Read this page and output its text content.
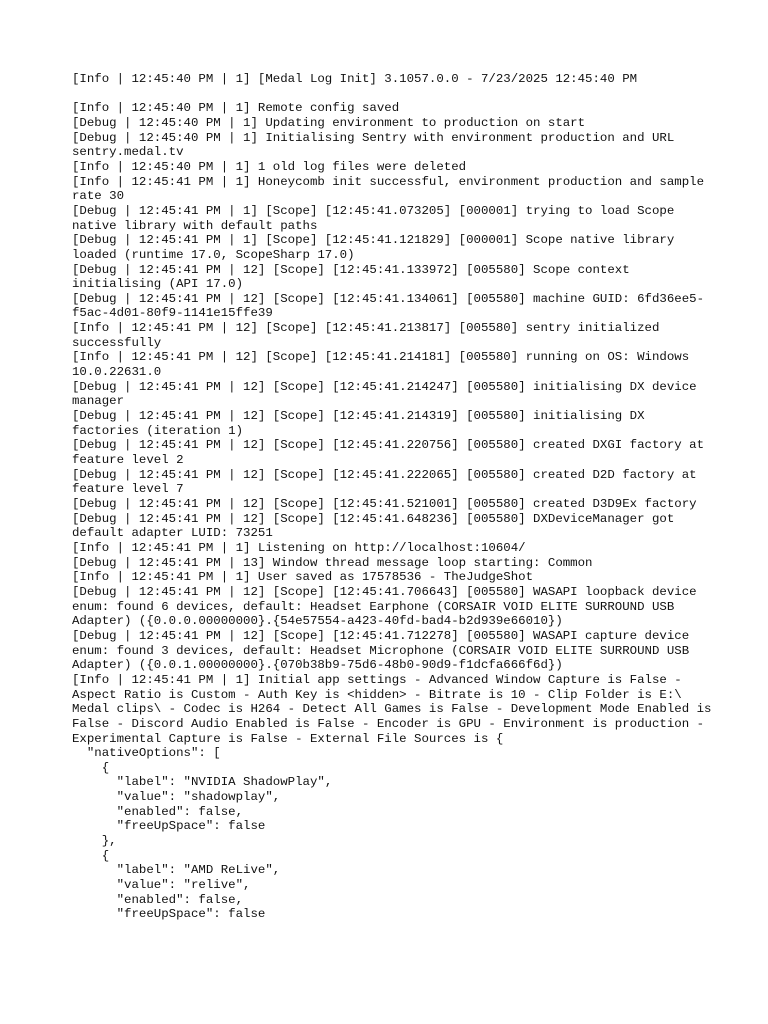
[Info | 12:45:40 PM | 1] [Medal Log Init] 3.1057.0.0 - 7/23/2025 12:45:40 PM
[Info | 12:45:40 PM | 1] Remote config saved
[Debug | 12:45:40 PM | 1] Updating environment to production on start
[Debug | 12:45:40 PM | 1] Initialising Sentry with environment production and URL sentry.medal.tv
[Info | 12:45:40 PM | 1] 1 old log files were deleted
[Info | 12:45:41 PM | 1] Honeycomb init successful, environment production and sample rate 30
[Debug | 12:45:41 PM | 1] [Scope] [12:45:41.073205] [000001] trying to load Scope native library with default paths
[Debug | 12:45:41 PM | 1] [Scope] [12:45:41.121829] [000001] Scope native library loaded (runtime 17.0, ScopeSharp 17.0)
[Debug | 12:45:41 PM | 12] [Scope] [12:45:41.133972] [005580] Scope context initialising (API 17.0)
[Debug | 12:45:41 PM | 12] [Scope] [12:45:41.134061] [005580] machine GUID: 6fd36ee5-f5ac-4d01-80f9-1141e15ffe39
[Info | 12:45:41 PM | 12] [Scope] [12:45:41.213817] [005580] sentry initialized successfully
[Info | 12:45:41 PM | 12] [Scope] [12:45:41.214181] [005580] running on OS: Windows 10.0.22631.0
[Debug | 12:45:41 PM | 12] [Scope] [12:45:41.214247] [005580] initialising DX device manager
[Debug | 12:45:41 PM | 12] [Scope] [12:45:41.214319] [005580] initialising DX factories (iteration 1)
[Debug | 12:45:41 PM | 12] [Scope] [12:45:41.220756] [005580] created DXGI factory at feature level 2
[Debug | 12:45:41 PM | 12] [Scope] [12:45:41.222065] [005580] created D2D factory at feature level 7
[Debug | 12:45:41 PM | 12] [Scope] [12:45:41.521001] [005580] created D3D9Ex factory
[Debug | 12:45:41 PM | 12] [Scope] [12:45:41.648236] [005580] DXDeviceManager got default adapter LUID: 73251
[Info | 12:45:41 PM | 1] Listening on http://localhost:10604/
[Debug | 12:45:41 PM | 13] Window thread message loop starting: Common
[Info | 12:45:41 PM | 1] User saved as 17578536 - TheJudgeShot
[Debug | 12:45:41 PM | 12] [Scope] [12:45:41.706643] [005580] WASAPI loopback device enum: found 6 devices, default: Headset Earphone (CORSAIR VOID ELITE SURROUND USB Adapter) ({0.0.0.00000000}.{54e57554-a423-40fd-bad4-b2d939e66010})
[Debug | 12:45:41 PM | 12] [Scope] [12:45:41.712278] [005580] WASAPI capture device enum: found 3 devices, default: Headset Microphone (CORSAIR VOID ELITE SURROUND USB Adapter) ({0.0.1.00000000}.{070b38b9-75d6-48b0-90d9-f1dcfa666f6d})
[Info | 12:45:41 PM | 1] Initial app settings - Advanced Window Capture is False - Aspect Ratio is Custom - Auth Key is <hidden> - Bitrate is 10 - Clip Folder is E:\ Medal clips\ - Codec is H264 - Detect All Games is False - Development Mode Enabled is False - Discord Audio Enabled is False - Encoder is GPU - Environment is production - Experimental Capture is False - External File Sources is {
"nativeOptions": [
{
"label": "NVIDIA ShadowPlay",
"value": "shadowplay",
"enabled": false,
"freeUpSpace": false
},
{
"label": "AMD ReLive",
"value": "relive",
"enabled": false,
"freeUpSpace": false
